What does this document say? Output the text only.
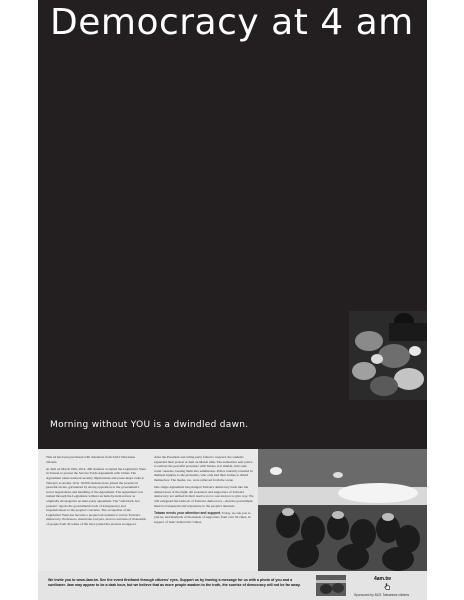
Democracy at 4 am
Morning without YOU is a dwindled dawn.

This ad has been purchased with donations from 3,621 Taiwanese citizens.

At 4am on March 19th, 2014, 400 students occupied the Legislative Yuan in Taiwan to protest the Service Trade Agreement with China. The Agreement raises national security implications and poses major risks to Taiwan's economy. Over 10,000 students have joined the protests in peaceful sit-ins, galvanized by strong opposition to the government's secret negotiations and handling of the Agreement. The Agreement was rushed through the Legislature without an item-by-item review as originally envisaged in an inter-party agreement. The "anti-black box protests" rejects the government's lack of transparency and responsiveness to the people's concerns. The occupation of the Legislative Yuan has become a people's movement to revive Taiwan's democracy. Professors, musicians, lawyers, doctors and tens of thousands of people from all walks of life have joined the protests in support.

After the President and ruling party failed to respond, the students expanded their protest at 4am on March 24th. The authorities sent police to remove the peaceful protesters with batons, riot shields, bolts and water cannons, beating them into submission. Police brutality resulted in multiple injuries to the protesters, who only had their bodies to shield themselves. The media, too, were removed from the scene.

One single Agreement has plunged Taiwan's democracy back into the darkest hour of the night. All protesters and supporters of Taiwan's democracy are unified in their resolve not to rest and not to give way. We will safeguard the bedrock of Taiwan's democracy—that the government must be transparent and responsive to the people's interests.

Taiwan needs your attention and support. Today, we ask you to join us, and hundreds of thousands of supporters from over 50 cities, in support of basic democratic values.

We invite you to www.4am.tw. See the event firsthand through citizens' eyes. Support us by leaving a message for us with a photo of you and a sunflower. 4am may appear to be a dark hour, but we believe that as more people awaken to the truth, the sunrise of democracy will not be far away.
4am.tw
Sponsored by 3621 Taiwanese citizens
